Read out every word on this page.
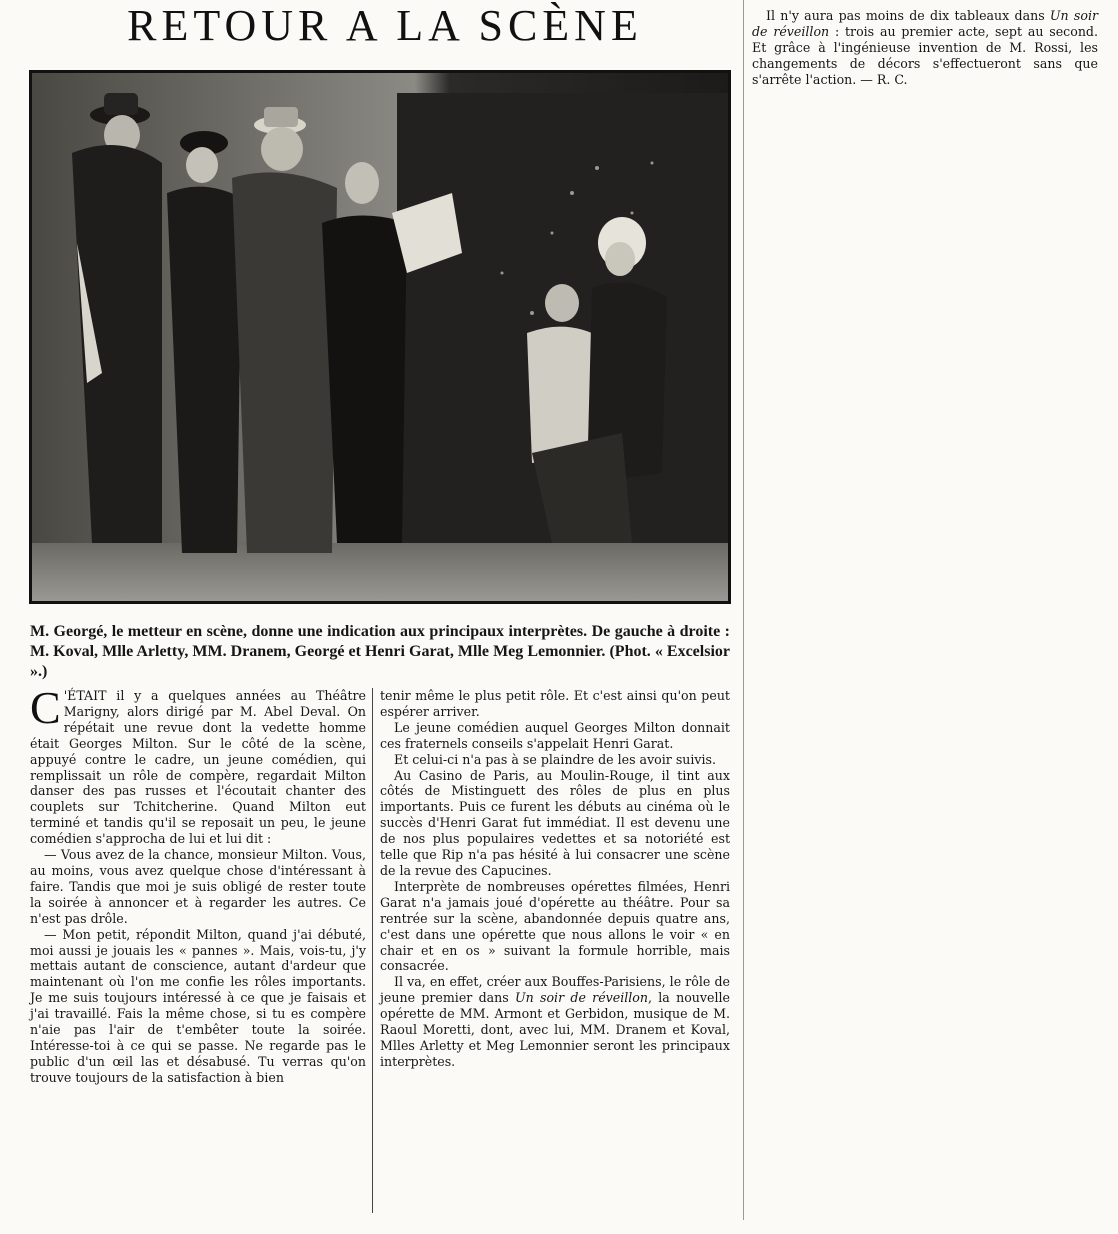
RETOUR A LA SCÈNE

M. Georgé, le metteur en scène, donne une indication aux principaux interprètes. De gauche à droite : M. Koval, Mlle Arletty, MM. Dranem, Georgé et Henri Garat, Mlle Meg Lemonnier. (Phot. « Excelsior ».)

C 'ÉTAIT il y a quelques années au Théâtre Marigny, alors dirigé par M. Abel Deval. On répétait une revue dont la vedette homme était Georges Milton. Sur le côté de la scène, appuyé contre le cadre, un jeune comédien, qui remplissait un rôle de compère, regardait Milton danser des pas russes et l'écoutait chanter des couplets sur Tchitcherine. Quand Milton eut terminé et tandis qu'il se reposait un peu, le jeune comédien s'approcha de lui et lui dit :

— Vous avez de la chance, monsieur Milton. Vous, au moins, vous avez quelque chose d'intéressant à faire. Tandis que moi je suis obligé de rester toute la soirée à annoncer et à regarder les autres. Ce n'est pas drôle.

— Mon petit, répondit Milton, quand j'ai débuté, moi aussi je jouais les « pannes ». Mais, vois-tu, j'y mettais autant de conscience, autant d'ardeur que maintenant où l'on me confie les rôles importants. Je me suis toujours intéressé à ce que je faisais et j'ai travaillé. Fais la même chose, si tu es compère n'aie pas l'air de t'embêter toute la soirée. Intéresse-toi à ce qui se passe. Ne regarde pas le public d'un œil las et désabusé. Tu verras qu'on trouve toujours de la satisfaction à bien

tenir même le plus petit rôle. Et c'est ainsi qu'on peut espérer arriver.

Le jeune comédien auquel Georges Milton donnait ces fraternels conseils s'appelait Henri Garat.

Et celui-ci n'a pas à se plaindre de les avoir suivis.

Au Casino de Paris, au Moulin-Rouge, il tint aux côtés de Mistinguett des rôles de plus en plus importants. Puis ce furent les débuts au cinéma où le succès d'Henri Garat fut immédiat. Il est devenu une de nos plus populaires vedettes et sa notoriété est telle que Rip n'a pas hésité à lui consacrer une scène de la revue des Capucines.

Interprète de nombreuses opérettes filmées, Henri Garat n'a jamais joué d'opérette au théâtre. Pour sa rentrée sur la scène, abandonnée depuis quatre ans, c'est dans une opérette que nous allons le voir « en chair et en os » suivant la formule horrible, mais consacrée.

Il va, en effet, créer aux Bouffes-Parisiens, le rôle de jeune premier dans Un soir de réveillon, la nouvelle opérette de MM. Armont et Gerbidon, musique de M. Raoul Moretti, dont, avec lui, MM. Dranem et Koval, Mlles Arletty et Meg Lemonnier seront les principaux interprètes.

Il n'y aura pas moins de dix tableaux dans Un soir de réveillon : trois au premier acte, sept au second. Et grâce à l'ingénieuse invention de M. Rossi, les changements de décors s'effectueront sans que s'arrête l'action. — R. C.
